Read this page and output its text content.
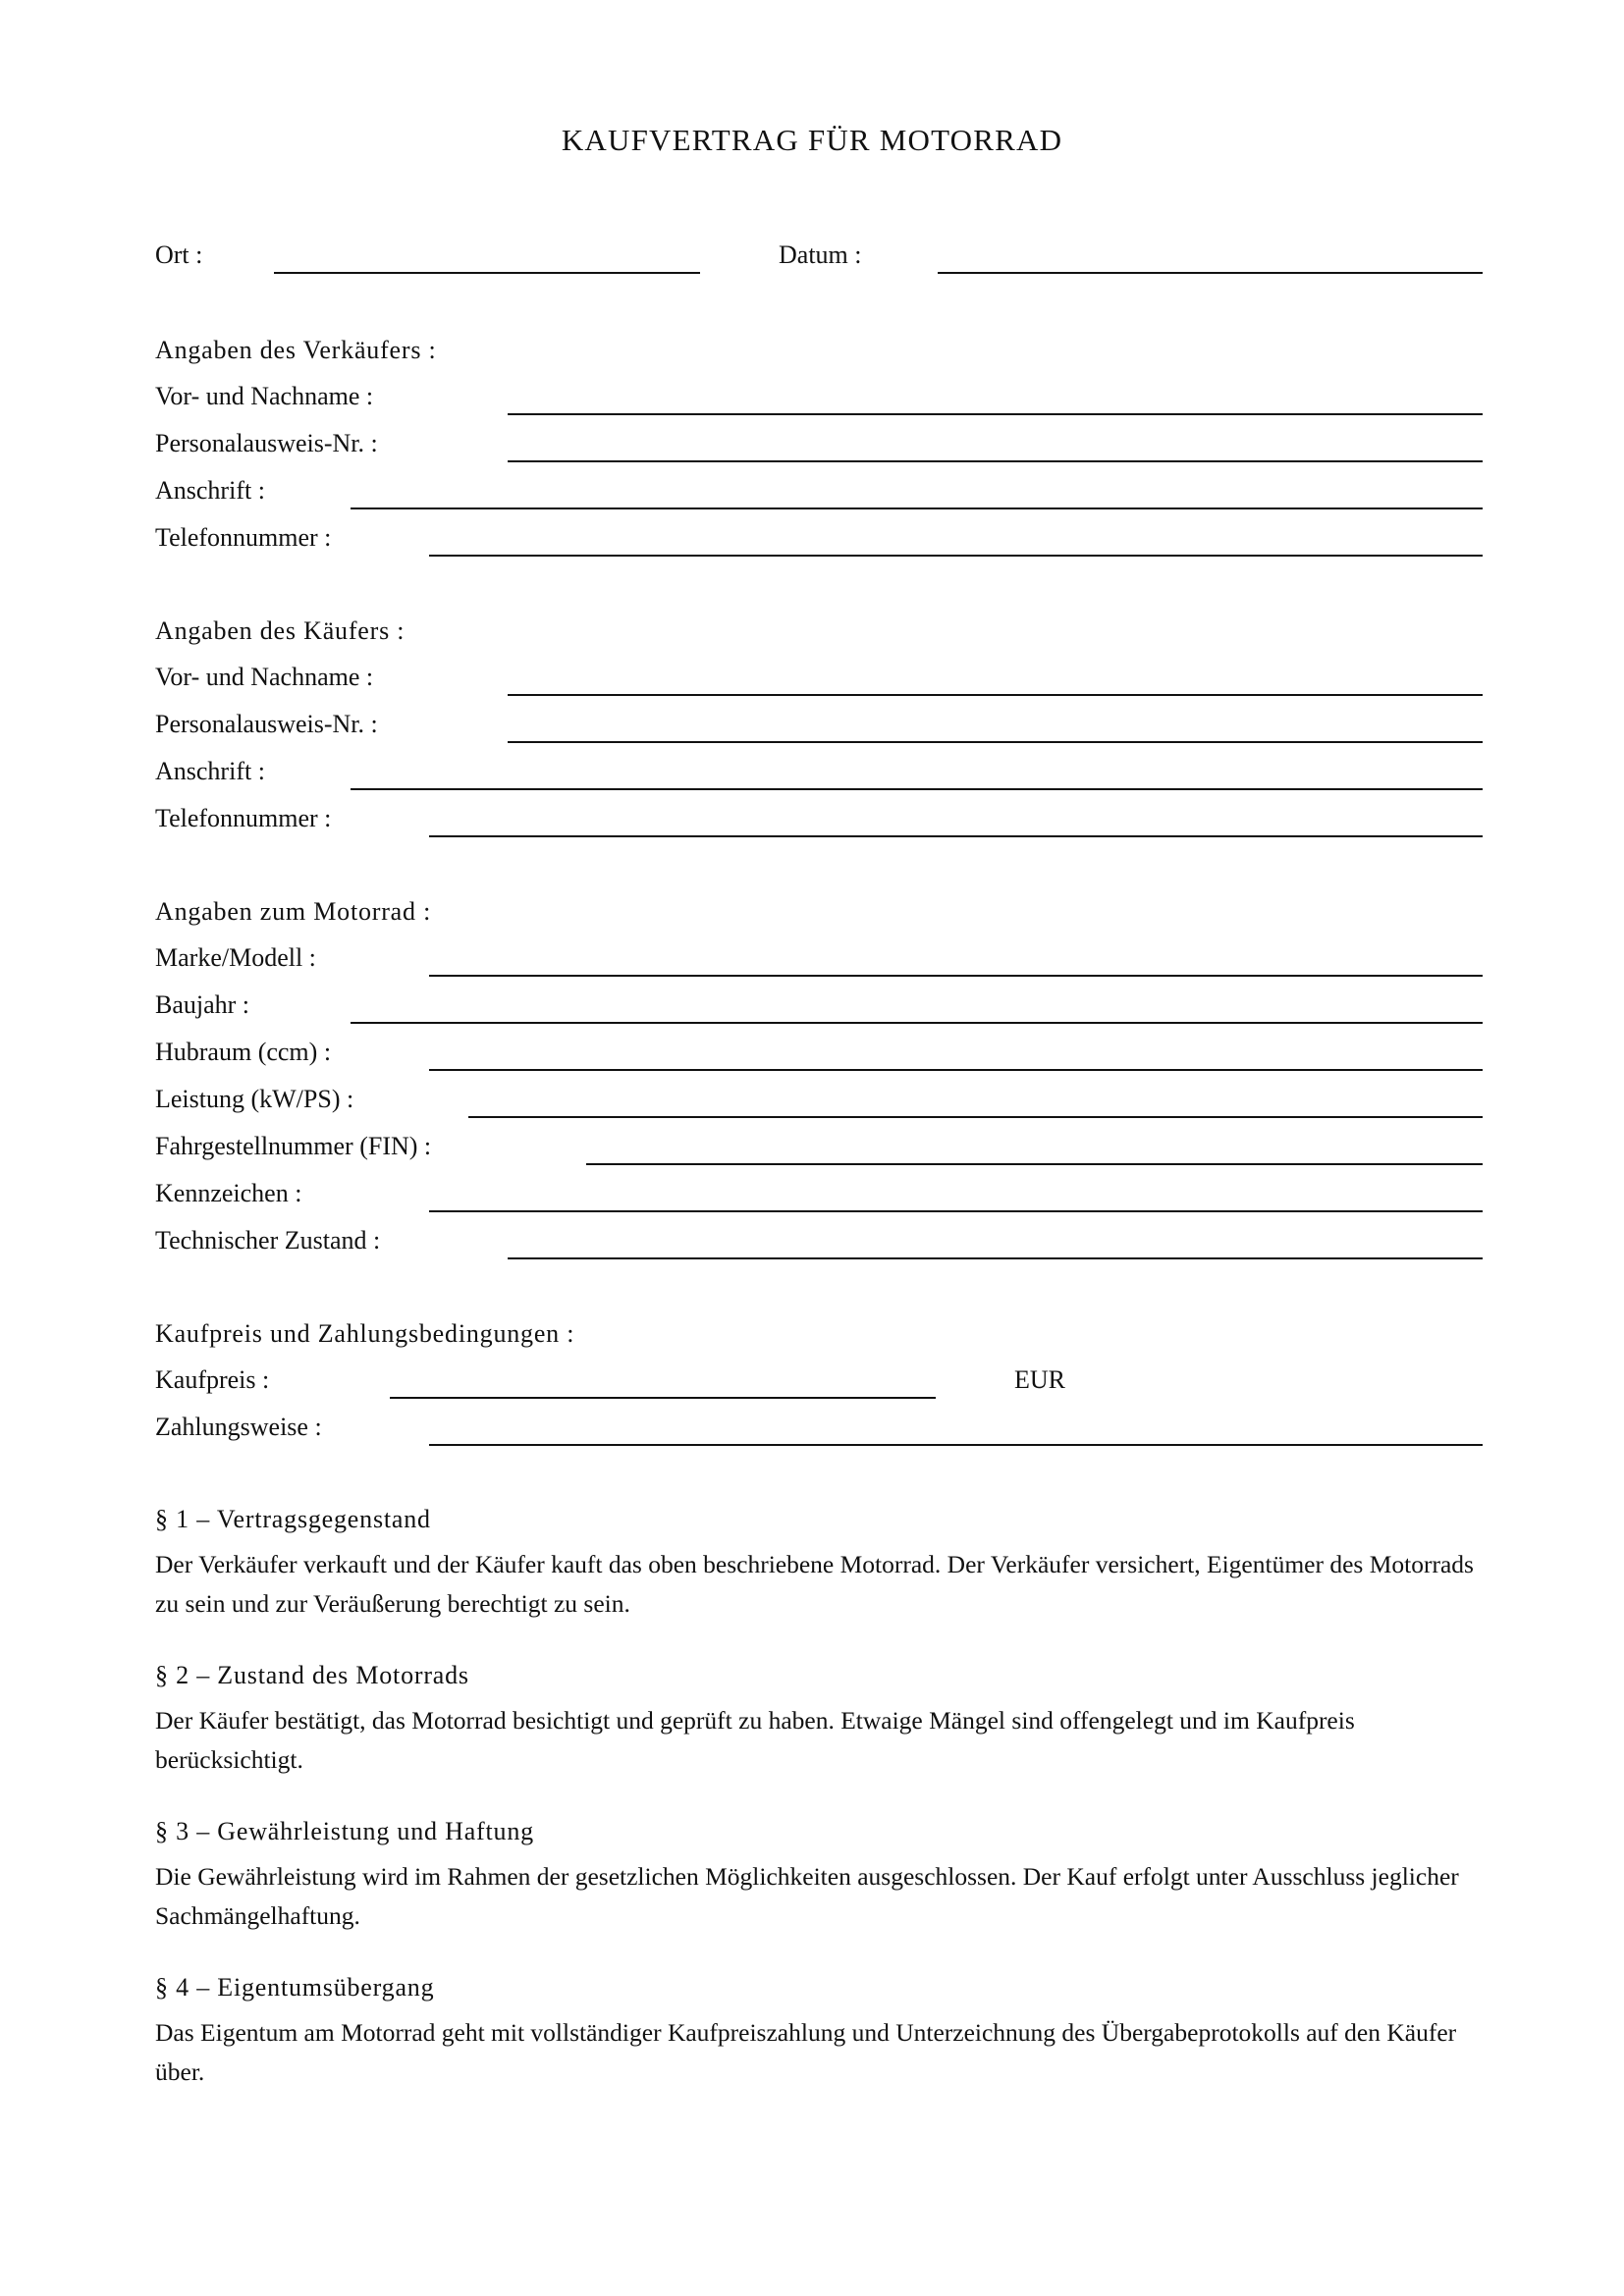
KAUFVERTRAG FÜR MOTORRAD
Ort :	Datum :
Angaben des Verkäufers :
Vor- und Nachname :
Personalausweis-Nr. :
Anschrift :
Telefonnummer :
Angaben des Käufers :
Vor- und Nachname :
Personalausweis-Nr. :
Anschrift :
Telefonnummer :
Angaben zum Motorrad :
Marke/Modell :
Baujahr :
Hubraum (ccm) :
Leistung (kW/PS) :
Fahrgestellnummer (FIN) :
Kennzeichen :
Technischer Zustand :
Kaufpreis und Zahlungsbedingungen :
Kaufpreis :	EUR
Zahlungsweise :
§ 1 – Vertragsgegenstand
Der Verkäufer verkauft und der Käufer kauft das oben beschriebene Motorrad. Der Verkäufer versichert, Eigentümer des Motorrads zu sein und zur Veräußerung berechtigt zu sein.
§ 2 – Zustand des Motorrads
Der Käufer bestätigt, das Motorrad besichtigt und geprüft zu haben. Etwaige Mängel sind offengelegt und im Kaufpreis berücksichtigt.
§ 3 – Gewährleistung und Haftung
Die Gewährleistung wird im Rahmen der gesetzlichen Möglichkeiten ausgeschlossen. Der Kauf erfolgt unter Ausschluss jeglicher Sachmängelhaftung.
§ 4 – Eigentumsübergang
Das Eigentum am Motorrad geht mit vollständiger Kaufpreiszahlung und Unterzeichnung des Übergabeprotokolls auf den Käufer über.
